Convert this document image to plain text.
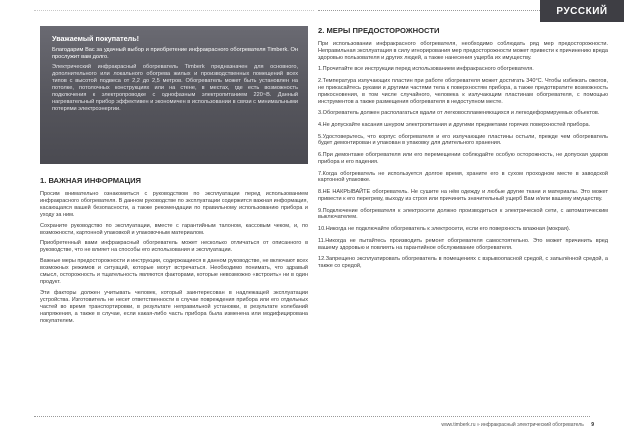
РУССКИЙ

Уважаемый покупатель!

Благодарим Вас за удачный выбор и приобретение инфракрасного обогревателя Timberk. Он прослужит вам долго.

Электрический инфракрасный обогреватель Timberk предназначен для основного, дополнительного или локального обогрева жилых и производственных помещений всех типов с высотой подвеса от 2,2 до 2,5 метров. Обогреватель может быть установлен на потолке, потолочных конструкциях или на стене, в местах, где есть возможность подключения к электропроводке с однофазным электропитанием 220~В. Данный нагревательный прибор эффективен и экономичен в использовании в связи с минимальными потерями электроэнергии.

1. ВАЖНАЯ ИНФОРМАЦИЯ

Просим внимательно ознакомиться с руководством по эксплуатации перед использованием инфракрасного обогревателя. В данном руководстве по эксплуатации содержится важная информация, касающаяся вашей безопасности, а также рекомендации по правильному использованию прибора и уходу за ним.

Сохраните руководство по эксплуатации, вместе с гарантийным талоном, кассовым чеком, и, по возможности, картонной упаковкой и упаковочным материалом.

Приобретенный вами инфракрасный обогреватель может несколько отличаться от описанного в руководстве, что не влияет на способы его использования и эксплуатации.

Важные меры предосторожности и инструкции, содержащиеся в данном руководстве, не включают всех возможных режимов и ситуаций, которые могут встречаться. Необходимо понимать, что здравый смысл, осторожность и тщательность являются факторами, которые невозможно «встроить» ни в один продукт.

Эти факторы должен учитывать человек, который заинтересован в надлежащей эксплуатации устройства. Изготовитель не несет ответственности в случае повреждения прибора или его отдельных частей во время транспортировки, в результате неправильной установки, в результате колебаний напряжения, а также в случае, если какая-либо часть прибора была изменена или модифицирована покупателем.

2. МЕРЫ ПРЕДОСТОРОЖНОСТИ

При использовании инфракрасного обогревателя, необходимо соблюдать ряд мер предосторожности. Неправильная эксплуатация в силу игнорирования мер предосторожности может привести к причинению вреда здоровью пользователя и других людей, а также нанесения ущерба их имуществу.

1.Прочитайте все инструкции перед использованием инфракрасного обогревателя.

2.Температура излучающих пластин при работе обогревателя может достигать 340°С. Чтобы избежать ожогов, не прикасайтесь руками и другими частями тела к поверхностям прибора, а также предотвратите возможность прикосновения, в том числе случайного, человека к излучающим пластинам обогревателя, с помощью инструментов а также размещения обогревателя в недоступном месте.

3.Обогреватель должен располагаться вдали от легковоспламеняющихся и легкодеформируемых объектов.

4.Не допускайте касания шнуром электропитания и другими предметами горячих поверхностей прибора.

5.Удостоверьтесь, что корпус обогревателя и его излучающие пластины остыли, прежде чем обогреватель будет демонтирован и упакован в упаковку для длительного хранения.

6.При демонтаже обогревателя или его перемещении соблюдайте особую осторожность, не допуская ударов прибора и его падения.

7.Когда обогреватель не используется долгое время, храните его в сухом проходном месте в заводской картонной упаковке.

8.НЕ НАКРЫВАЙТЕ обогреватель. Не сушите на нём одежду и любые другие ткани и материалы. Это может привести к его перегреву, выходу из строя или причинить значительный ущерб Вам и/или вашему имуществу.

9.Подключение обогревателя к электросети должно производиться к электрической сети, с автоматическим выключателем.

10.Никогда не подключайте обогреватель к электросети, если его поверхность влажная (мокрая).

11.Никогда не пытайтесь производить ремонт обогревателя самостоятельно. Это может причинить вред вашему здоровью и повлиять на гарантийное обслуживание обогревателя.

12.Запрещено эксплуатировать обогреватель в помещениях с взрывоопасной средой, с запылённой средой, а также со средой,

www.timberk.ru » инфракрасный электрический обогреватель 9
